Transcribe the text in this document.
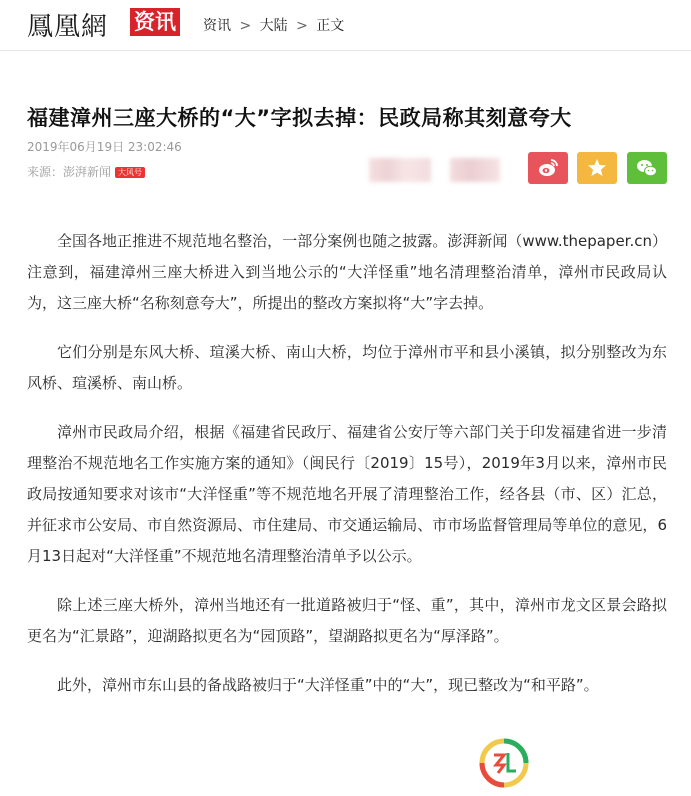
鳳凰網 资讯 资讯 > 大陆 > 正文
福建漳州三座大桥的“大”字拟去掉：民政局称其刻意夸大
2019年06月19日 23:02:46
来源：澎湃新闻 大风号

全国各地正推进不规范地名整治，一部分案例也随之披露。澎湃新闻（www.thepaper.cn）注意到，福建漳州三座大桥进入到当地公示的“大洋怪重”地名清理整治清单，漳州市民政局认为，这三座大桥“名称刻意夸大”，所提出的整改方案拟将“大”字去掉。

它们分别是东风大桥、瑄溪大桥、南山大桥，均位于漳州市平和县小溪镇，拟分别整改为东风桥、瑄溪桥、南山桥。

漳州市民政局介绍，根据《福建省民政厅、福建省公安厅等六部门关于印发福建省进一步清理整治不规范地名工作实施方案的通知》（闽民行〔2019〕15号），2019年3月以来，漳州市民政局按通知要求对该市“大洋怪重”等不规范地名开展了清理整治工作，经各县（市、区）汇总，并征求市公安局、市自然资源局、市住建局、市交通运输局、市市场监督管理局等单位的意见，6月13日起对“大洋怪重”不规范地名清理整治清单予以公示。

除上述三座大桥外，漳州当地还有一批道路被归于“怪、重”，其中，漳州市龙文区景会路拟更名为“汇景路”，迎湖路拟更名为“园顶路”，望湖路拟更名为“厚泽路”。

此外，漳州市东山县的备战路被归于“大洋怪重”中的“大”，现已整改为“和平路”。
